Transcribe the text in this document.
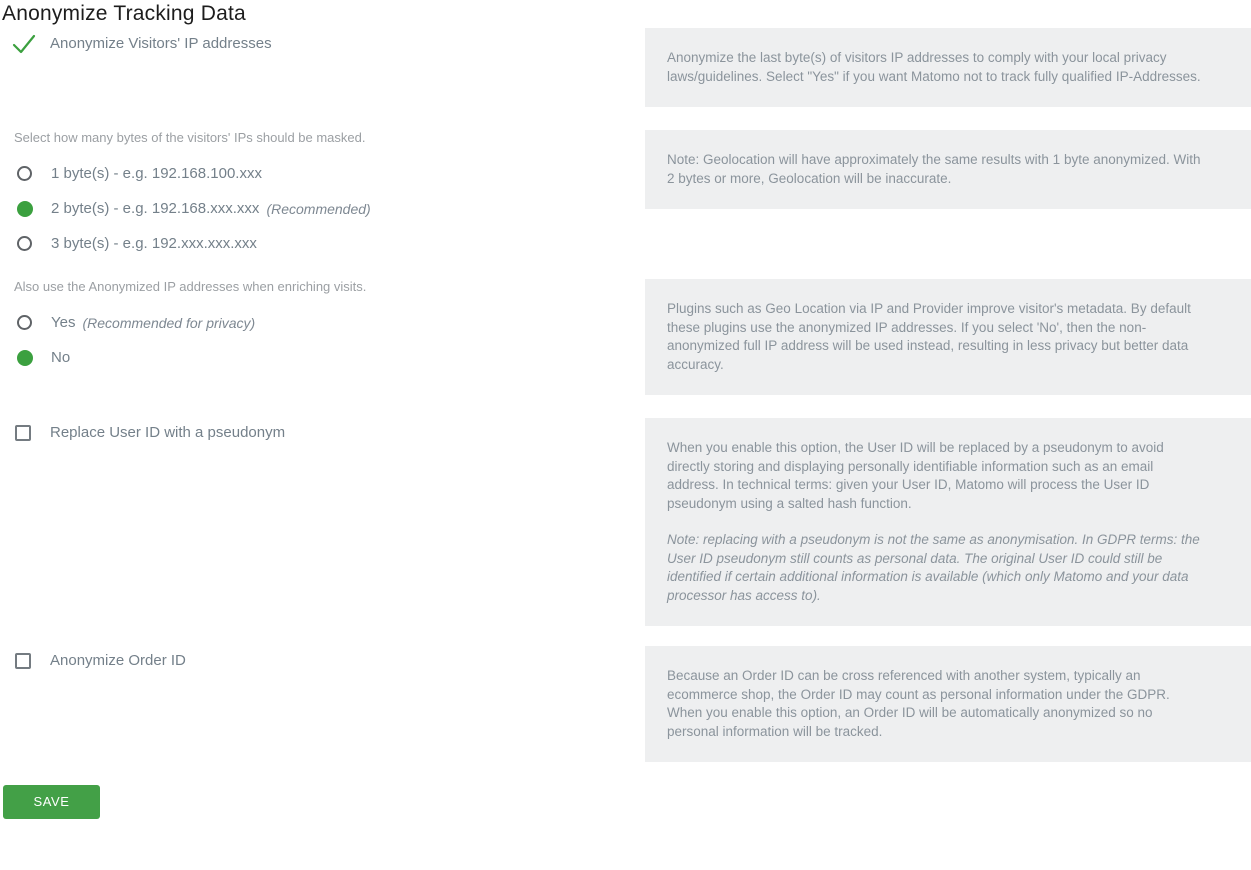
Anonymize Tracking Data
Anonymize Visitors' IP addresses

Anonymize the last byte(s) of visitors IP addresses to comply with your local privacy laws/guidelines. Select "Yes" if you want Matomo not to track fully qualified IP-Addresses.

Select how many bytes of the visitors' IPs should be masked.
1 byte(s) - e.g. 192.168.100.xxx
2 byte(s) - e.g. 192.168.xxx.xxx (Recommended)
3 byte(s) - e.g. 192.xxx.xxx.xxx

Note: Geolocation will have approximately the same results with 1 byte anonymized. With 2 bytes or more, Geolocation will be inaccurate.

Also use the Anonymized IP addresses when enriching visits.
Yes (Recommended for privacy)
No

Plugins such as Geo Location via IP and Provider improve visitor's metadata. By default these plugins use the anonymized IP addresses. If you select 'No', then the non-anonymized full IP address will be used instead, resulting in less privacy but better data accuracy.

Replace User ID with a pseudonym

When you enable this option, the User ID will be replaced by a pseudonym to avoid directly storing and displaying personally identifiable information such as an email address. In technical terms: given your User ID, Matomo will process the User ID pseudonym using a salted hash function.

Note: replacing with a pseudonym is not the same as anonymisation. In GDPR terms: the User ID pseudonym still counts as personal data. The original User ID could still be identified if certain additional information is available (which only Matomo and your data processor has access to).

Anonymize Order ID

Because an Order ID can be cross referenced with another system, typically an ecommerce shop, the Order ID may count as personal information under the GDPR. When you enable this option, an Order ID will be automatically anonymized so no personal information will be tracked.

SAVE
